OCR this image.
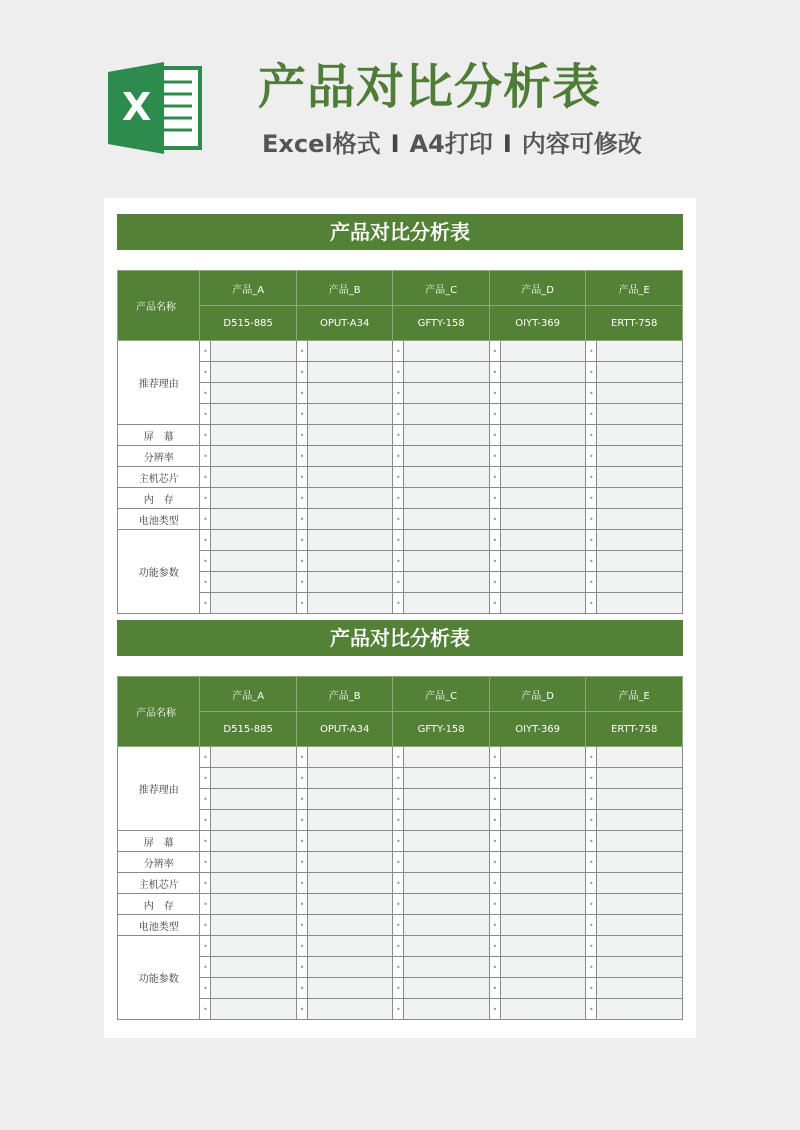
X 产品对比分析表
Excel格式 I A4打印 I 内容可修改
产品对比分析表
产品名称	产品_A		产品_B		产品_C		产品_D		产品_E	
	D515-885		OPUT-A34		GFTY-158		OIYT-369		ERTT-758	
推荐理由	•		•		•		•		•	
	•		•		•		•		•	
	•		•		•		•		•	
	•		•		•		•		•	
屏　幕	•		•		•		•		•	
分辨率	•		•		•		•		•	
主机芯片	•		•		•		•		•	
内　存	•		•		•		•		•	
电池类型	•		•		•		•		•	
功能参数	•		•		•		•		•	
	•		•		•		•		•	
	•		•		•		•		•	
	•		•		•		•		•	
产品对比分析表
产品名称	产品_A		产品_B		产品_C		产品_D		产品_E	
	D515-885		OPUT-A34		GFTY-158		OIYT-369		ERTT-758	
推荐理由	•		•		•		•		•	
	•		•		•		•		•	
	•		•		•		•		•	
	•		•		•		•		•	
屏　幕	•		•		•		•		•	
分辨率	•		•		•		•		•	
主机芯片	•		•		•		•		•	
内　存	•		•		•		•		•	
电池类型	•		•		•		•		•	
功能参数	•		•		•		•		•	
	•		•		•		•		•	
	•		•		•		•		•	
	•		•		•		•		•	
